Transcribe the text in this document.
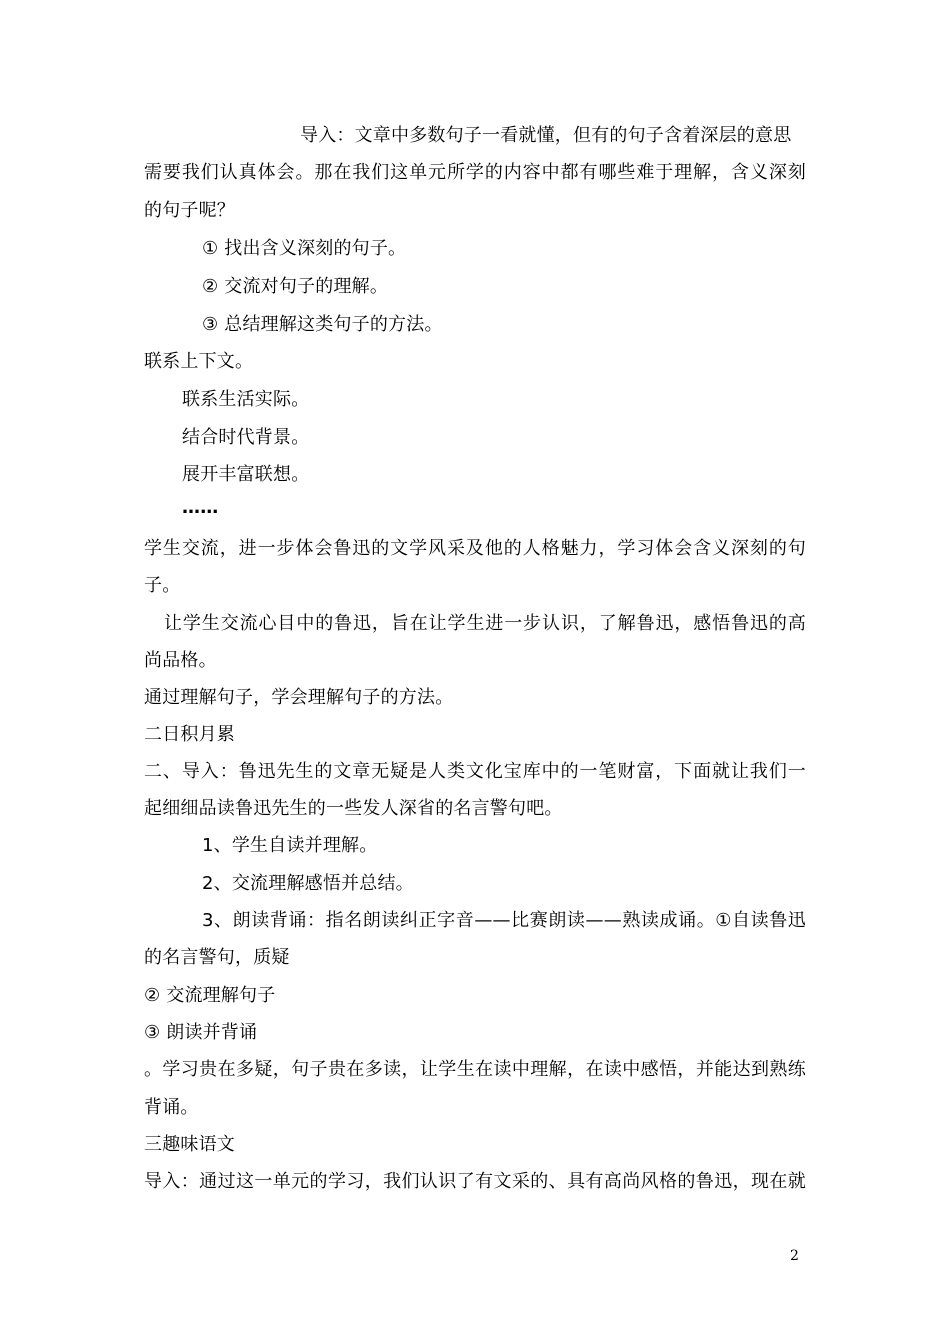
导入：文章中多数句子一看就懂，但有的句子含着深层的意思
需要我们认真体会。那在我们这单元所学的内容中都有哪些难于理解，含义深刻
的句子呢？
① 找出含义深刻的句子。
② 交流对句子的理解。
③ 总结理解这类句子的方法。
联系上下文。
联系生活实际。
结合时代背景。
展开丰富联想。
……
学生交流，进一步体会鲁迅的文学风采及他的人格魅力，学习体会含义深刻的句
子。
让学生交流心目中的鲁迅，旨在让学生进一步认识，了解鲁迅，感悟鲁迅的高
尚品格。
通过理解句子，学会理解句子的方法。
二日积月累
二、导入：鲁迅先生的文章无疑是人类文化宝库中的一笔财富，下面就让我们一
起细细品读鲁迅先生的一些发人深省的名言警句吧。
1、学生自读并理解。
2、交流理解感悟并总结。
3、朗读背诵：指名朗读纠正字音——比赛朗读——熟读成诵。①自读鲁迅
的名言警句，质疑
② 交流理解句子
③ 朗读并背诵
。学习贵在多疑，句子贵在多读，让学生在读中理解，在读中感悟，并能达到熟练
背诵。
三趣味语文
导入：通过这一单元的学习，我们认识了有文采的、具有高尚风格的鲁迅，现在就
2
